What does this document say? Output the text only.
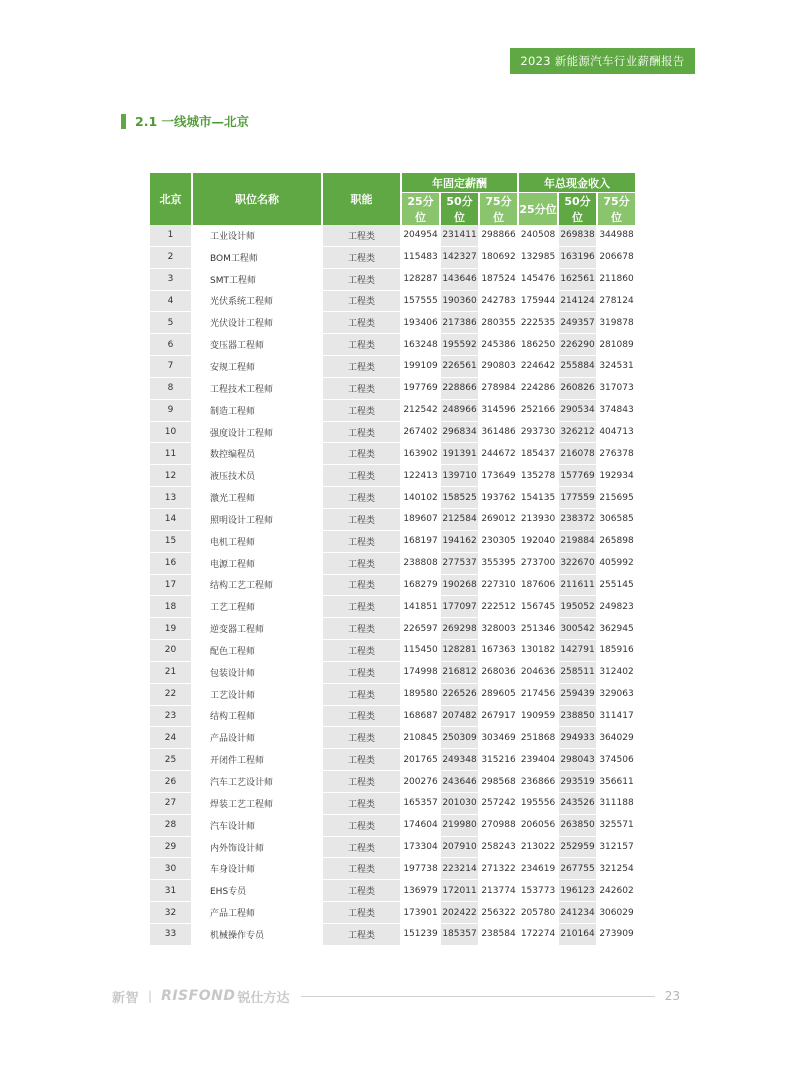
2023 新能源汽车行业薪酬报告
2.1 一线城市—北京
北京	职位名称	职能	年固定薪酬			年总现金收入		
			25分位	50分位	75分位	25分位	50分位	75分位
1	工业设计师	工程类	204954	231411	298866	240508	269838	344988
2	BOM工程师	工程类	115483	142327	180692	132985	163196	206678
3	SMT工程师	工程类	128287	143646	187524	145476	162561	211860
4	光伏系统工程师	工程类	157555	190360	242783	175944	214124	278124
5	光伏设计工程师	工程类	193406	217386	280355	222535	249357	319878
6	变压器工程师	工程类	163248	195592	245386	186250	226290	281089
7	安规工程师	工程类	199109	226561	290803	224642	255884	324531
8	工程技术工程师	工程类	197769	228866	278984	224286	260826	317073
9	制造工程师	工程类	212542	248966	314596	252166	290534	374843
10	强度设计工程师	工程类	267402	296834	361486	293730	326212	404713
11	数控编程员	工程类	163902	191391	244672	185437	216078	276378
12	液压技术员	工程类	122413	139710	173649	135278	157769	192934
13	激光工程师	工程类	140102	158525	193762	154135	177559	215695
14	照明设计工程师	工程类	189607	212584	269012	213930	238372	306585
15	电机工程师	工程类	168197	194162	230305	192040	219884	265898
16	电源工程师	工程类	238808	277537	355395	273700	322670	405992
17	结构工艺工程师	工程类	168279	190268	227310	187606	211611	255145
18	工艺工程师	工程类	141851	177097	222512	156745	195052	249823
19	逆变器工程师	工程类	226597	269298	328003	251346	300542	362945
20	配色工程师	工程类	115450	128281	167363	130182	142791	185916
21	包装设计师	工程类	174998	216812	268036	204636	258511	312402
22	工艺设计师	工程类	189580	226526	289605	217456	259439	329063
23	结构工程师	工程类	168687	207482	267917	190959	238850	311417
24	产品设计师	工程类	210845	250309	303469	251868	294933	364029
25	开闭件工程师	工程类	201765	249348	315216	239404	298043	374506
26	汽车工艺设计师	工程类	200276	243646	298568	236866	293519	356611
27	焊装工艺工程师	工程类	165357	201030	257242	195556	243526	311188
28	汽车设计师	工程类	174604	219980	270988	206056	263850	325571
29	内外饰设计师	工程类	173304	207910	258243	213022	252959	312157
30	车身设计师	工程类	197738	223214	271322	234619	267755	321254
31	EHS专员	工程类	136979	172011	213774	153773	196123	242602
32	产品工程师	工程类	173901	202422	256322	205780	241234	306029
33	机械操作专员	工程类	151239	185357	238584	172274	210164	273909
新智 | RISFOND 锐仕方达	23
